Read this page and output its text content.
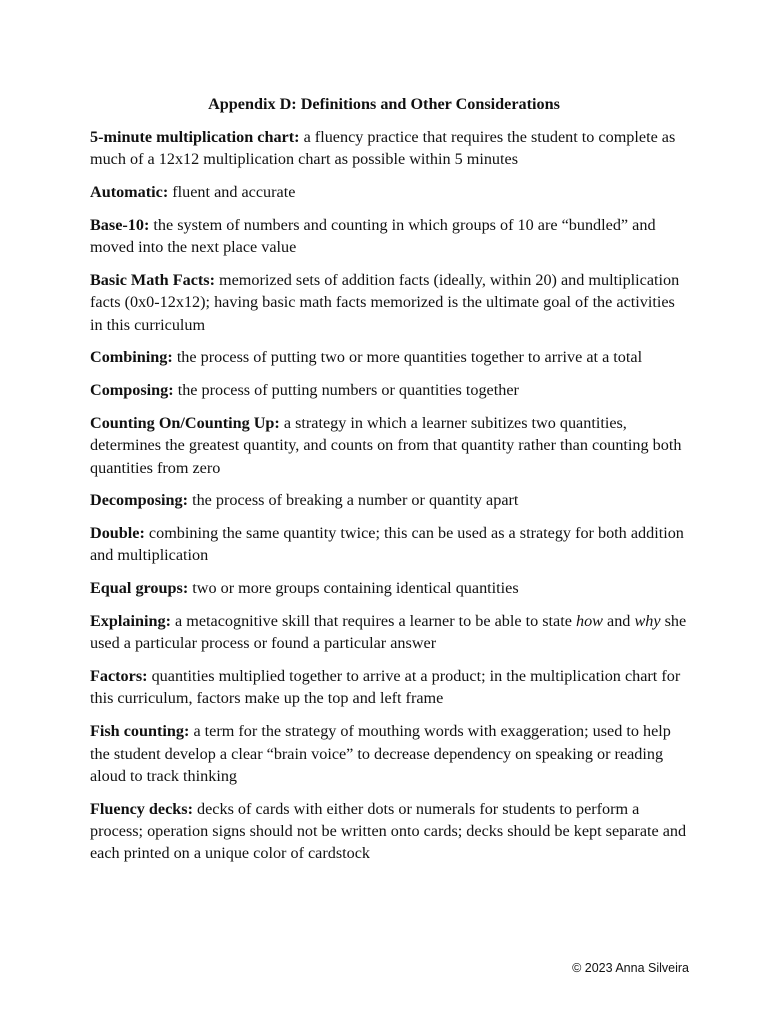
Appendix D: Definitions and Other Considerations

5-minute multiplication chart: a fluency practice that requires the student to complete as much of a 12x12 multiplication chart as possible within 5 minutes

Automatic: fluent and accurate

Base-10: the system of numbers and counting in which groups of 10 are “bundled” and moved into the next place value

Basic Math Facts: memorized sets of addition facts (ideally, within 20) and multiplication facts (0x0-12x12); having basic math facts memorized is the ultimate goal of the activities in this curriculum

Combining: the process of putting two or more quantities together to arrive at a total

Composing: the process of putting numbers or quantities together

Counting On/Counting Up: a strategy in which a learner subitizes two quantities, determines the greatest quantity, and counts on from that quantity rather than counting both quantities from zero

Decomposing: the process of breaking a number or quantity apart

Double: combining the same quantity twice; this can be used as a strategy for both addition and multiplication

Equal groups: two or more groups containing identical quantities

Explaining: a metacognitive skill that requires a learner to be able to state how and why she used a particular process or found a particular answer

Factors: quantities multiplied together to arrive at a product; in the multiplication chart for this curriculum, factors make up the top and left frame

Fish counting: a term for the strategy of mouthing words with exaggeration; used to help the student develop a clear “brain voice” to decrease dependency on speaking or reading aloud to track thinking

Fluency decks: decks of cards with either dots or numerals for students to perform a process; operation signs should not be written onto cards; decks should be kept separate and each printed on a unique color of cardstock

© 2023 Anna Silveira
